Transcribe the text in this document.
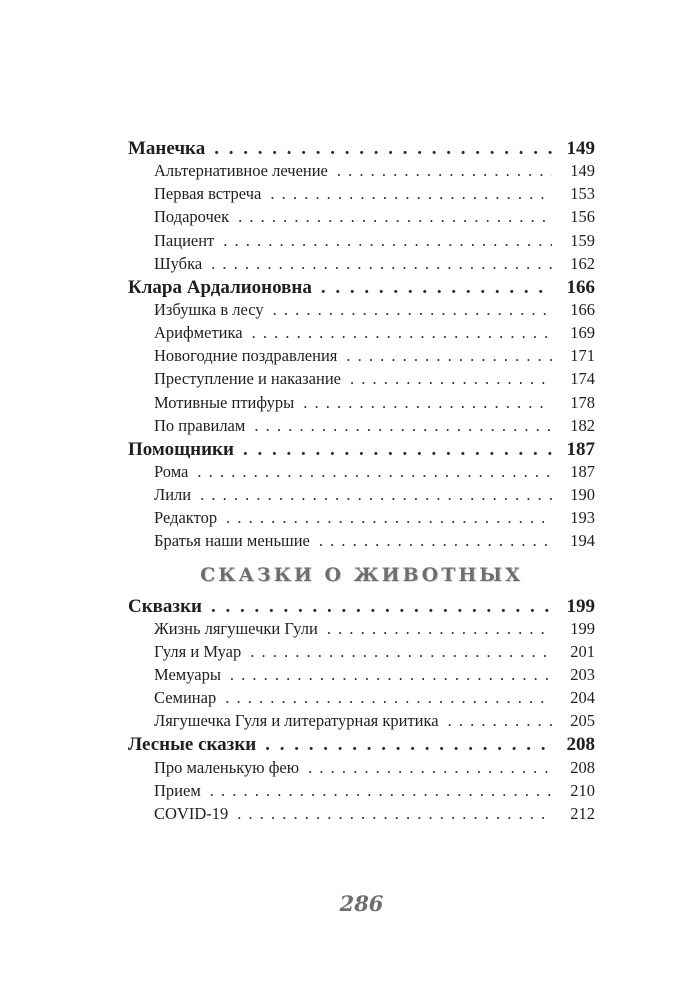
Манечка . . .	149
Альтернативное лечение . . .	149
Первая встреча . . .	153
Подарочек . . .	156
Пациент . . .	159
Шубка . . .	162
Клара Ардалионовна . . .	166
Избушка в лесу . . .	166
Арифметика . . .	169
Новогодние поздравления . . .	171
Преступление и наказание . . .	174
Мотивные птифуры . . .	178
По правилам . . .	182
Помощники . . .	187
Рома . . .	187
Лили . . .	190
Редактор . . .	193
Братья наши меньшие . . .	194
СКАЗКИ О ЖИВОТНЫХ
Сквазки . . .	199
Жизнь лягушечки Гули . . .	199
Гуля и Муар . . .	201
Мемуары . . .	203
Семинар . . .	204
Лягушечка Гуля и литературная критика . . .	205
Лесные сказки . . .	208
Про маленькую фею . . .	208
Прием . . .	210
COVID-19 . . .	212
286
